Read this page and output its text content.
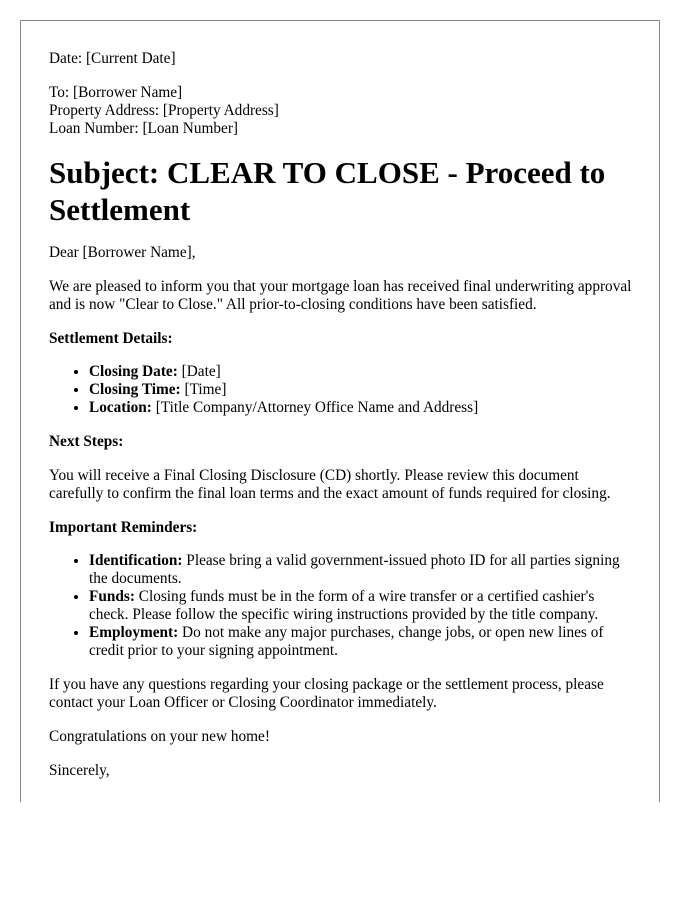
Date: [Current Date]

To: [Borrower Name]
Property Address: [Property Address]
Loan Number: [Loan Number]

Subject: CLEAR TO CLOSE - Proceed to Settlement

Dear [Borrower Name],

We are pleased to inform you that your mortgage loan has received final underwriting approval and is now "Clear to Close." All prior-to-closing conditions have been satisfied.

Settlement Details:

• Closing Date: [Date]
• Closing Time: [Time]
• Location: [Title Company/Attorney Office Name and Address]

Next Steps:

You will receive a Final Closing Disclosure (CD) shortly. Please review this document carefully to confirm the final loan terms and the exact amount of funds required for closing.

Important Reminders:

• Identification: Please bring a valid government-issued photo ID for all parties signing the documents.
• Funds: Closing funds must be in the form of a wire transfer or a certified cashier's check. Please follow the specific wiring instructions provided by the title company.
• Employment: Do not make any major purchases, change jobs, or open new lines of credit prior to your signing appointment.

If you have any questions regarding your closing package or the settlement process, please contact your Loan Officer or Closing Coordinator immediately.

Congratulations on your new home!

Sincerely,
